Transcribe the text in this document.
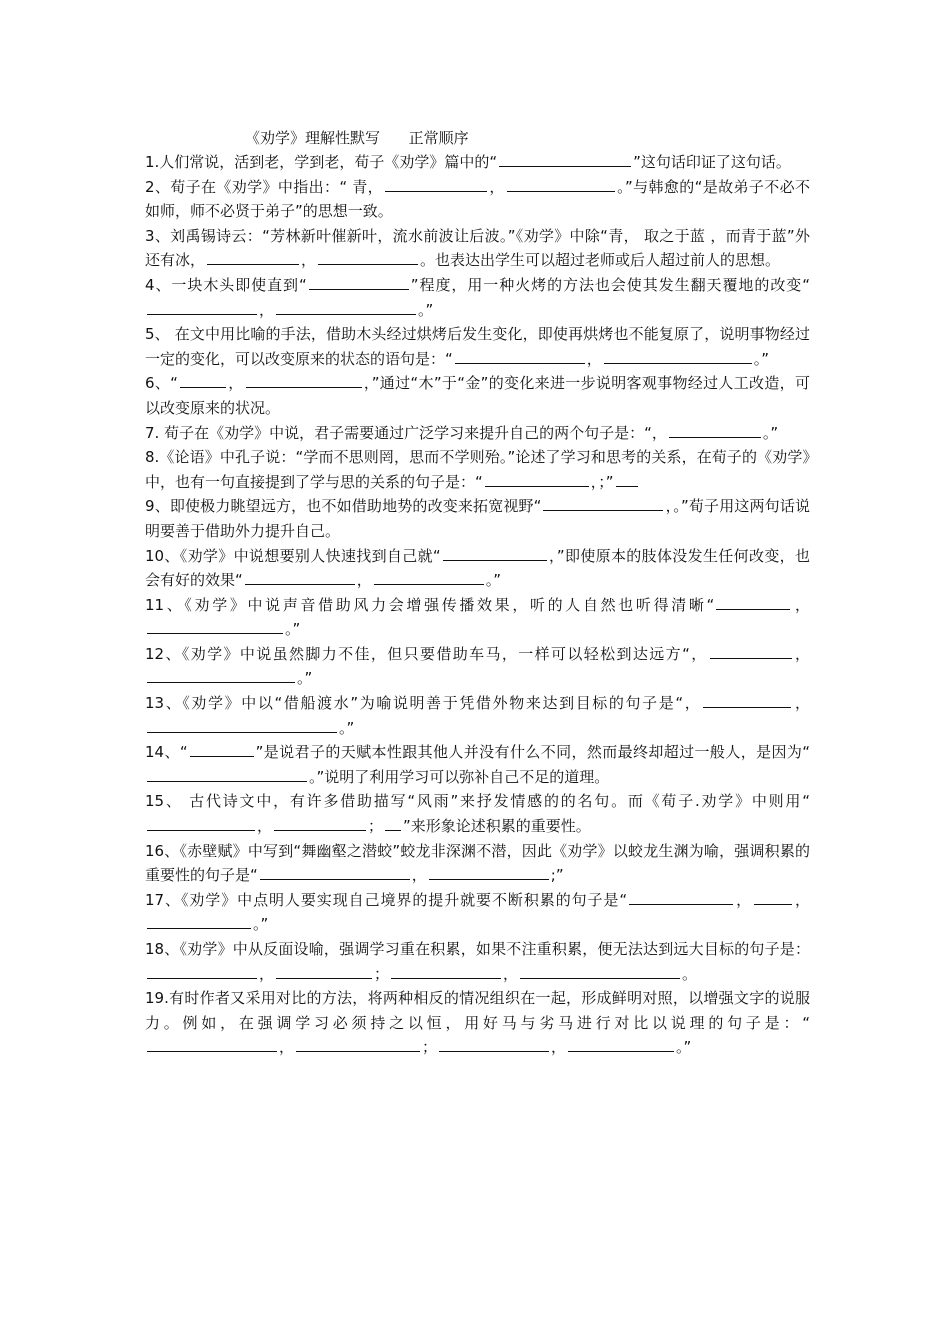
《劝学》理解性默写      正常顺序

1.人们常说，活到老，学到老，荀子《劝学》篇中的“	”这句话印证了这句话。

2、荀子在《劝学》中指出：“ 青，	，	。”与韩愈的“是故弟子不必不如师，师不必贤于弟子”的思想一致。

3、刘禹锡诗云：“芳林新叶催新叶，流水前波让后波。”《劝学》中除“青， 取之于蓝 ，而青于蓝”外还有冰，	，	。也表达出学生可以超过老师或后人超过前人的思想。

4、一块木头即使直到“	”程度，用一种火烤的方法也会使其发生翻天覆地的改变“，	。”

5、 在文中用比喻的手法，借助木头经过烘烤后发生变化，即使再烘烤也不能复原了，说明事物经过一定的变化，可以改变原来的状态的语句是：“	，	。”

6、“	，	，”通过“木”于“金”的变化来进一步说明客观事物经过人工改造，可以改变原来的状况。

7. 荀子在《劝学》中说，君子需要通过广泛学习来提升自己的两个句子是：“，	。”

8.《论语》中孔子说：“学而不思则罔，思而不学则殆。”论述了学习和思考的关系，在荀子的《劝学》中，也有一句直接提到了学与思的关系的句子是：“	，；”

9、即使极力眺望远方，也不如借助地势的改变来拓宽视野“	，。”荀子用这两句话说明要善于借助外力提升自己。

10、《劝学》中说想要别人快速找到自己就“	，”即使原本的肢体没发生任何改变，也会有好的效果“	，	。”

11、《劝学》中说声音借助风力会增强传播效果，听的人自然也听得清晰“	，。”

12、《劝学》中说虽然脚力不佳，但只要借助车马，一样可以轻松到达远方“，	，。”

13、《劝学》中以“借船渡水”为喻说明善于凭借外物来达到目标的句子是“，	，。”

14、“	”是说君子的天赋本性跟其他人并没有什么不同，然而最终却超过一般人，是因为“。”说明了利用学习可以弥补自己不足的道理。

15、 古代诗文中，有许多借助描写“风雨”来抒发情感的的名句。而《荀子.劝学》中则用“，	； ”来形象论述积累的重要性。

16、《赤壁赋》中写到“舞幽壑之潜蛟”蛟龙非深渊不潜，因此《劝学》以蛟龙生渊为喻，强调积累的重要性的句子是“	，	;”

17、《劝学》中点明人要实现自己境界的提升就要不断积累的句子是“	，	，。”

18、《劝学》中从反面设喻，强调学习重在积累，如果不注重积累，便无法达到远大目标的句子是：，	；	，	。

19.有时作者又采用对比的方法，将两种相反的情况组织在一起，形成鲜明对照，以增强文字的说服力。例如，在强调学习必须持之以恒，用好马与劣马进行对比以说理的句子是：“，	；	，	。”
